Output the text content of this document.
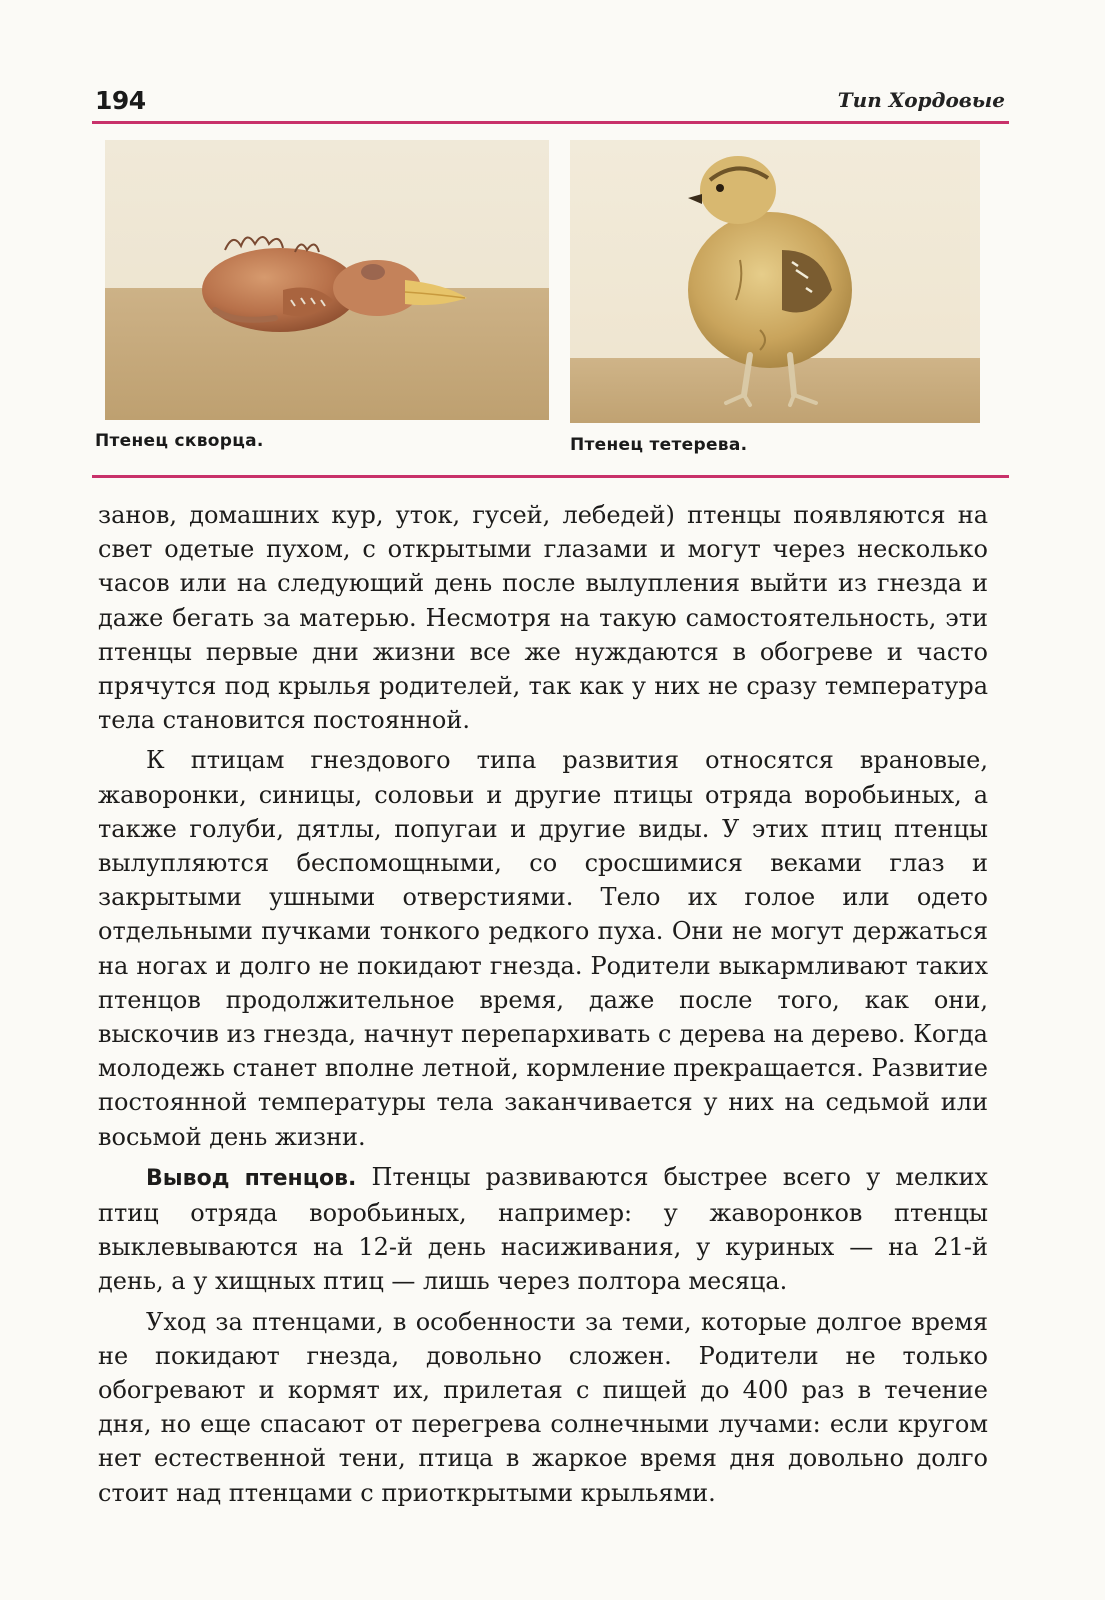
194	Тип Хордовые
Птенец скворца.	Птенец тетерева.

занов, домашних кур, уток, гусей, лебедей) птенцы появляются на свет одетые пухом, с открытыми глазами и могут через несколько часов или на следующий день после вылупления выйти из гнезда и даже бегать за матерью. Несмотря на такую самостоятельность, эти птенцы первые дни жизни все же нуждаются в обогреве и часто прячутся под крылья родителей, так как у них не сразу температура тела становится постоянной.

К птицам гнездового типа развития относятся врановые, жаворонки, синицы, соловьи и другие птицы отряда воробьиных, а также голуби, дятлы, попугаи и другие виды. У этих птиц птенцы вылупляются беспомощными, со сросшимися веками глаз и закрытыми ушными отверстиями. Тело их голое или одето отдельными пучками тонкого редкого пуха. Они не могут держаться на ногах и долго не покидают гнезда. Родители выкармливают таких птенцов продолжительное время, даже после того, как они, выскочив из гнезда, начнут перепархивать с дерева на дерево. Когда молодежь станет вполне летной, кормление прекращается. Развитие постоянной температуры тела заканчивается у них на седьмой или восьмой день жизни.

Вывод птенцов. Птенцы развиваются быстрее всего у мелких птиц отряда воробьиных, например: у жаворонков птенцы выклевываются на 12-й день насиживания, у куриных — на 21-й день, а у хищных птиц — лишь через полтора месяца.

Уход за птенцами, в особенности за теми, которые долгое время не покидают гнезда, довольно сложен. Родители не только обогревают и кормят их, прилетая с пищей до 400 раз в течение дня, но еще спасают от перегрева солнечными лучами: если кругом нет естественной тени, птица в жаркое время дня довольно долго стоит над птенцами с приоткрытыми крыльями.
